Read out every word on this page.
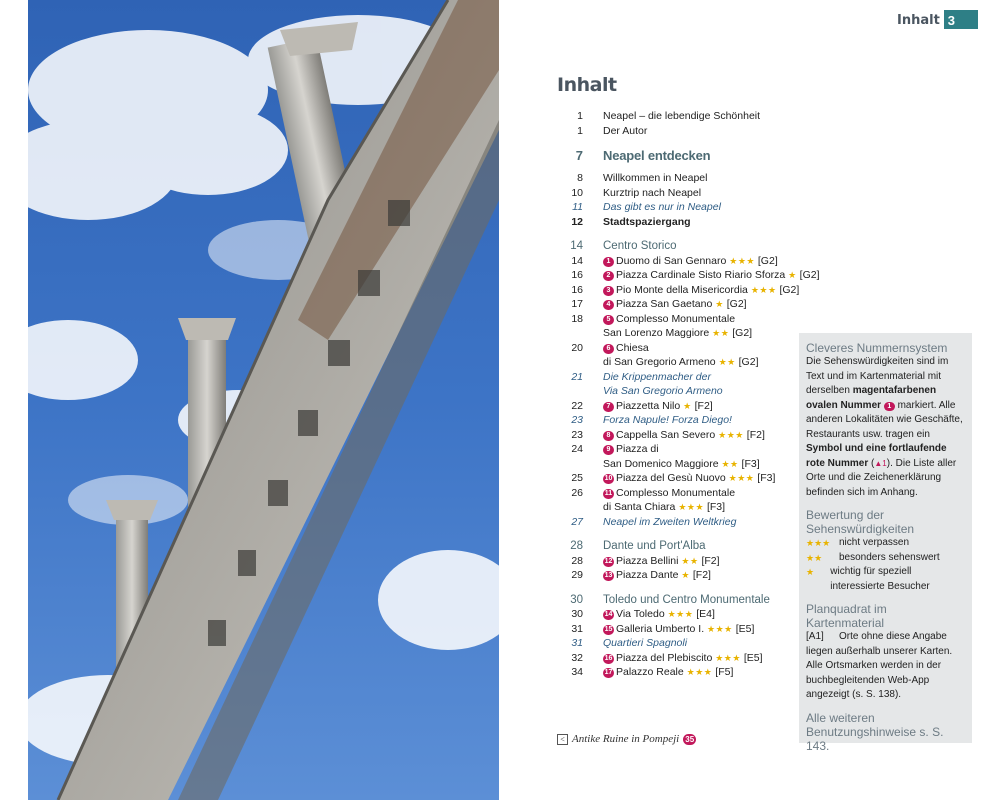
Inhalt 3
Inhalt
1 Neapel – die lebendige Schönheit
1 Der Autor
7 Neapel entdecken
8 Willkommen in Neapel
10 Kurztrip nach Neapel
11 Das gibt es nur in Neapel
12 Stadtspaziergang
14 Centro Storico
14	1 Duomo di San Gennaro ★★★ [G2]
16	2 Piazza Cardinale Sisto Riario Sforza ★ [G2]
16	3 Pio Monte della Misericordia ★★★ [G2]
17	4 Piazza San Gaetano ★ [G2]
18	5 Complesso Monumentale
San Lorenzo Maggiore ★★ [G2]
20	6 Chiesa
di San Gregorio Armeno ★★ [G2]
21 Die Krippenmacher der
Via San Gregorio Armeno
22	7 Piazzetta Nilo ★ [F2]
23 Forza Napule! Forza Diego!
23	8 Cappella San Severo ★★★ [F2]
24	9 Piazza di
San Domenico Maggiore ★★ [F3]
25	10 Piazza del Gesù Nuovo ★★★ [F3]
26	11 Complesso Monumentale
di Santa Chiara ★★★ [F3]
27 Neapel im Zweiten Weltkrieg
28 Dante und Port'Alba
28	12 Piazza Bellini ★★ [F2]
29	13 Piazza Dante ★ [F2]
30 Toledo und Centro Monumentale
30	14 Via Toledo ★★★ [E4]
31	15 Galleria Umberto I. ★★★ [E5]
31 Quartieri Spagnoli
32	16 Piazza del Plebiscito ★★★ [E5]
34	17 Palazzo Reale ★★★ [F5]
< Antike Ruine in Pompeji 35
Cleveres Nummernsystem

Die Sehenswürdigkeiten sind im Text und im Kartenmaterial mit derselben magentafarbenen ovalen Nummer 1 markiert. Alle anderen Lokalitäten wie Geschäfte, Restaurants usw. tragen ein Symbol und eine fortlaufende rote Nummer (▲1). Die Liste aller Orte und die Zeichenerklärung befinden sich im Anhang.

Bewertung der Sehenswürdigkeiten
★★★ nicht verpassen
★★	besonders sehenswert
★	wichtig für speziell interessierte Besucher
Planquadrat im Kartenmaterial

[A1] Orte ohne diese Angabe liegen außerhalb unserer Karten. Alle Ortsmarken werden in der buchbegleitenden Web-App angezeigt (s. S. 138).

Alle weiteren Benutzungshinweise s. S. 143.
